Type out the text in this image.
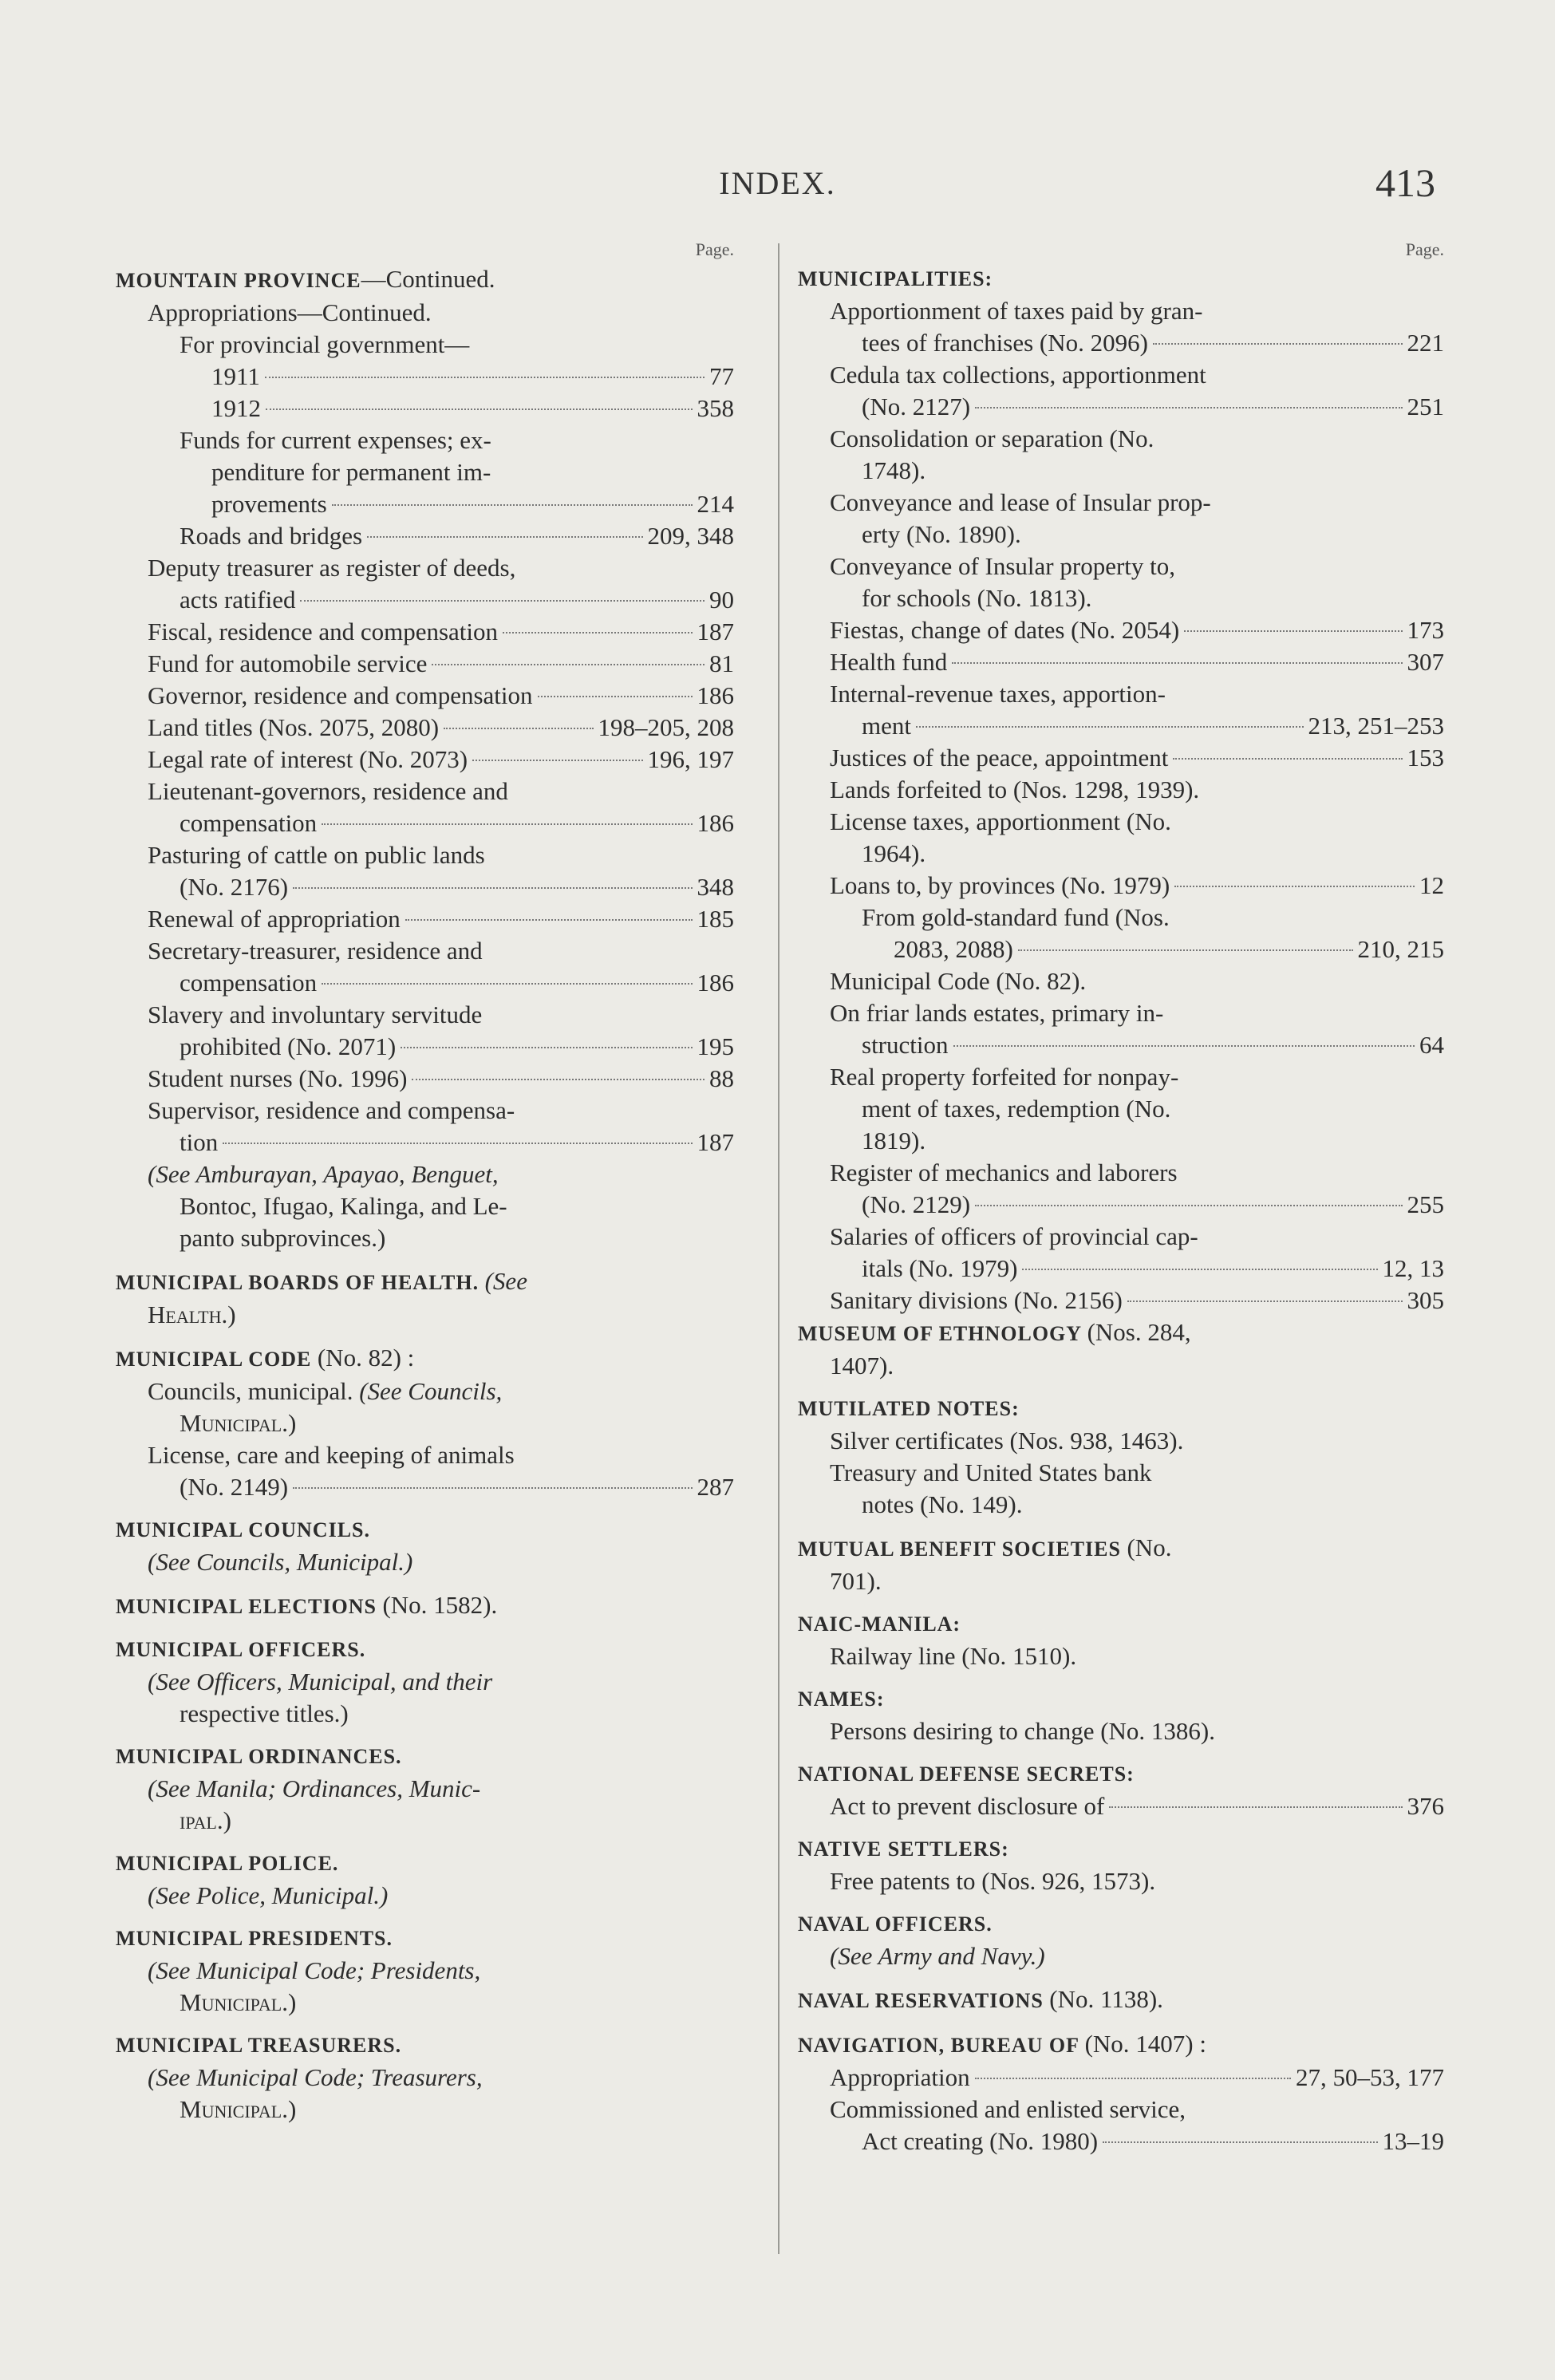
INDEX.	413
Page.
MOUNTAIN PROVINCE—Continued.
Appropriations—Continued.
For provincial government—
1911	77
1912	358
Funds for current expenses; ex-
penditure for permanent im-
provements	214
Roads and bridges	209, 348
Deputy treasurer as register of deeds,
acts ratified	90
Fiscal, residence and compensation	187
Fund for automobile service	81
Governor, residence and compensation	186
Land titles (Nos. 2075, 2080)	198–205, 208
Legal rate of interest (No. 2073)	196, 197
Lieutenant-governors, residence and
compensation	186
Pasturing of cattle on public lands
(No. 2176)	348
Renewal of appropriation	185
Secretary-treasurer, residence and
compensation	186
Slavery and involuntary servitude
prohibited (No. 2071)	195
Student nurses (No. 1996)	88
Supervisor, residence and compensa-
tion	187
(See Amburayan, Apayao, Benguet,
Bontoc, Ifugao, Kalinga, and Le-
panto subprovinces.)
MUNICIPAL BOARDS OF HEALTH. (See
Health.)
MUNICIPAL CODE (No. 82) :
Councils, municipal. (See Councils,
Municipal.)
License, care and keeping of animals
(No. 2149)	287
MUNICIPAL COUNCILS.
(See Councils, Municipal.)
MUNICIPAL ELECTIONS (No. 1582).
MUNICIPAL OFFICERS.
(See Officers, Municipal, and their
respective titles.)
MUNICIPAL ORDINANCES.
(See Manila; Ordinances, Munic-
ipal.)
MUNICIPAL POLICE.
(See Police, Municipal.)
MUNICIPAL PRESIDENTS.
(See Municipal Code; Presidents,
Municipal.)
MUNICIPAL TREASURERS.
(See Municipal Code; Treasurers,
Municipal.)
Page.
MUNICIPALITIES:
Apportionment of taxes paid by gran-
tees of franchises (No. 2096)	221
Cedula tax collections, apportionment
(No. 2127)	251
Consolidation or separation (No.
1748).
Conveyance and lease of Insular prop-
erty (No. 1890).
Conveyance of Insular property to,
for schools (No. 1813).
Fiestas, change of dates (No. 2054)	173
Health fund	307
Internal-revenue taxes, apportion-
ment	213, 251–253
Justices of the peace, appointment	153
Lands forfeited to (Nos. 1298, 1939).
License taxes, apportionment (No.
1964).
Loans to, by provinces (No. 1979)	12
From gold-standard fund (Nos.
2083, 2088)	210, 215
Municipal Code (No. 82).
On friar lands estates, primary in-
struction	64
Real property forfeited for nonpay-
ment of taxes, redemption (No.
1819).
Register of mechanics and laborers
(No. 2129)	255
Salaries of officers of provincial cap-
itals (No. 1979)	12, 13
Sanitary divisions (No. 2156)	305
MUSEUM OF ETHNOLOGY (Nos. 284,
1407).
MUTILATED NOTES:
Silver certificates (Nos. 938, 1463).
Treasury and United States bank
notes (No. 149).
MUTUAL BENEFIT SOCIETIES (No.
701).
NAIC-MANILA:
Railway line (No. 1510).
NAMES:
Persons desiring to change (No. 1386).
NATIONAL DEFENSE SECRETS:
Act to prevent disclosure of	376
NATIVE SETTLERS:
Free patents to (Nos. 926, 1573).
NAVAL OFFICERS.
(See Army and Navy.)
NAVAL RESERVATIONS (No. 1138).
NAVIGATION, BUREAU OF (No. 1407) :
Appropriation	27, 50–53, 177
Commissioned and enlisted service,
Act creating (No. 1980)	13–19
